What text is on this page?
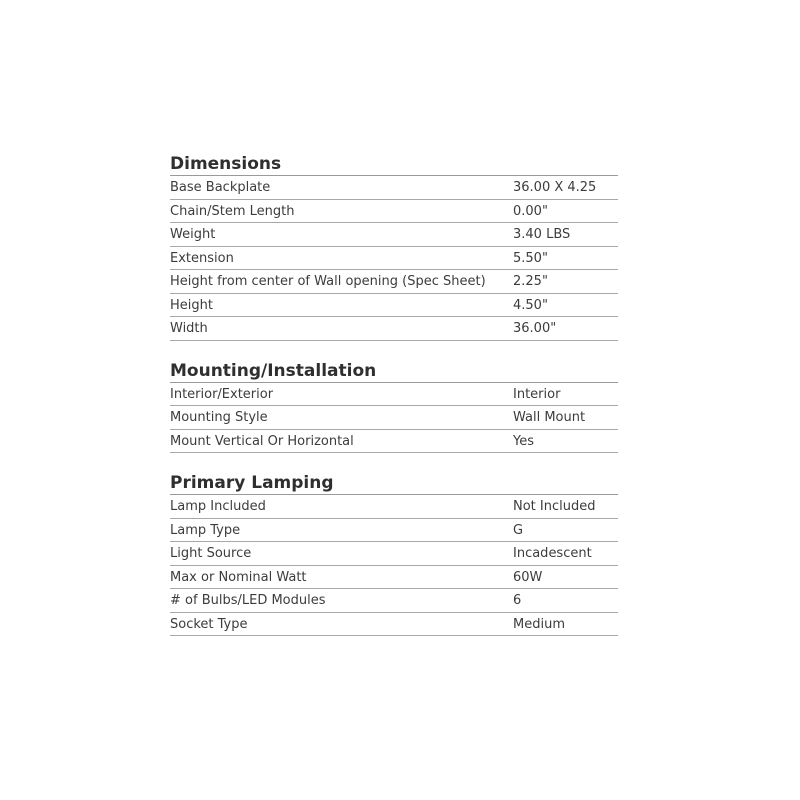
Dimensions
Base Backplate	36.00 X 4.25
Chain/Stem Length	0.00"
Weight	3.40 LBS
Extension	5.50"
Height from center of Wall opening (Spec Sheet)	2.25"
Height	4.50"
Width	36.00"
Mounting/Installation
Interior/Exterior	Interior
Mounting Style	Wall Mount
Mount Vertical Or Horizontal	Yes
Primary Lamping
Lamp Included	Not Included
Lamp Type	G
Light Source	Incadescent
Max or Nominal Watt	60W
# of Bulbs/LED Modules	6
Socket Type	Medium
